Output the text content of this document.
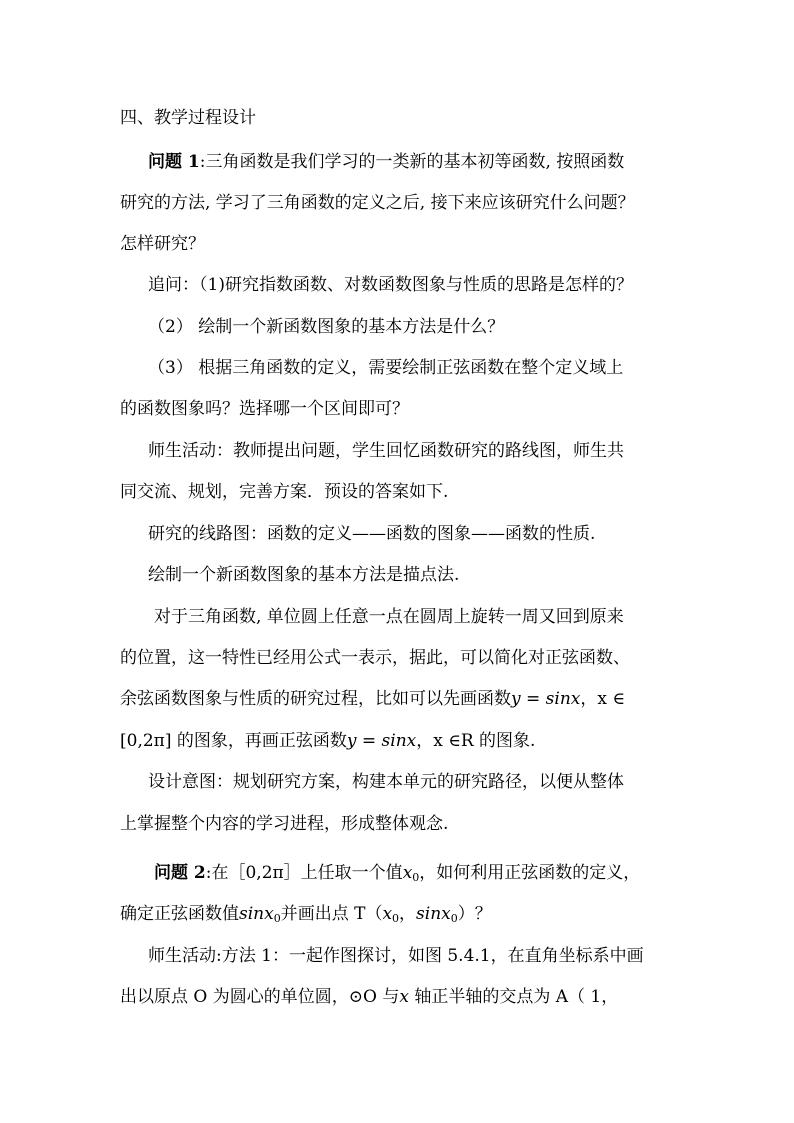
四、教学过程设计
问题 1:三角函数是我们学习的一类新的基本初等函数, 按照函数
研究的方法, 学习了三角函数的定义之后, 接下来应该研究什么问题？
怎样研究？
追问：（1)研究指数函数、对数函数图象与性质的思路是怎样的？
（2） 绘制一个新函数图象的基本方法是什么？
（3） 根据三角函数的定义，需要绘制正弦函数在整个定义域上
的函数图象吗？选择哪一个区间即可？
师生活动：教师提出问题，学生回忆函数研究的路线图，师生共
同交流、规划，完善方案．预设的答案如下.
研究的线路图：函数的定义——函数的图象——函数的性质.
绘制一个新函数图象的基本方法是描点法.
对于三角函数, 单位圆上任意一点在圆周上旋转一周又回到原来
的位置，这一特性已经用公式一表示，据此，可以简化对正弦函数、
余弦函数图象与性质的研究过程，比如可以先画函数y = sinx，x ∈
[0,2π] 的图象，再画正弦函数y = sinx，x ∈R 的图象.
设计意图：规划研究方案，构建本单元的研究路径，以便从整体
上掌握整个内容的学习进程，形成整体观念.
问题 2:在［0,2π］上任取一个值$x_0$，如何利用正弦函数的定义，
确定正弦函数值sinx$_0$并画出点 $T(x_0$，sinx$_0$）？
师生活动:方法 1：一起作图探讨，如图 5.4.1，在直角坐标系中画
出以原点 O 为圆心的单位圆，⊙O 与x 轴正半轴的交点为 A（ 1，
